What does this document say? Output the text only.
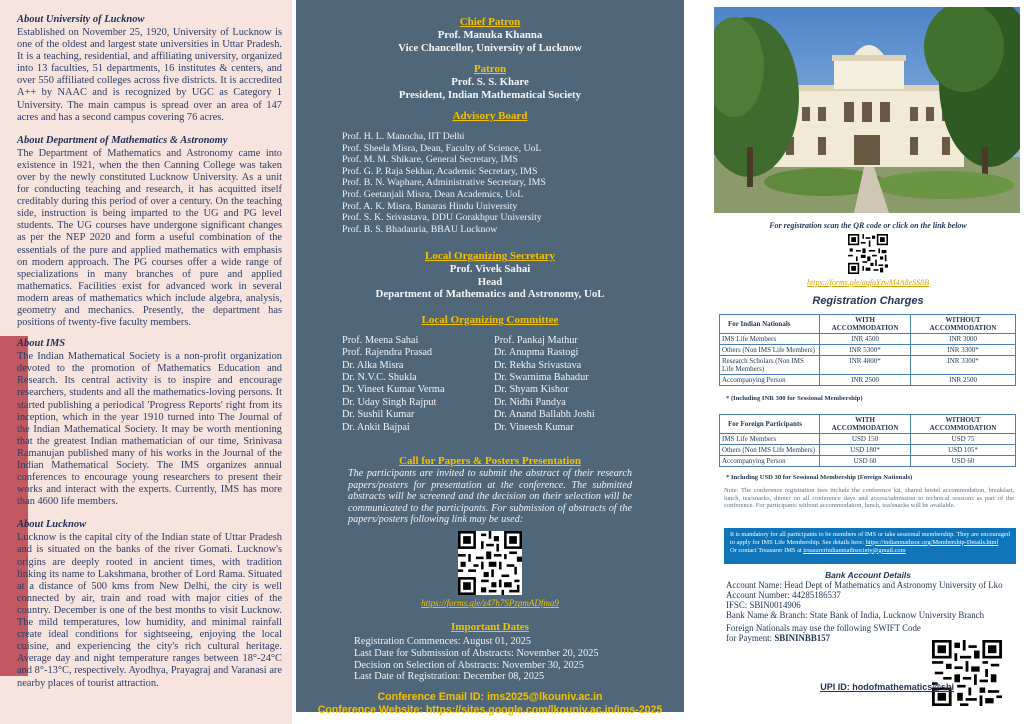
About University of Lucknow
Established on November 25, 1920, University of Lucknow is one of the oldest and largest state universities in Uttar Pradesh. It is a teaching, residential, and affiliating university, organized into 13 faculties, 51 departments, 16 institutes & centers, and over 550 affiliated colleges across five districts. It is accredited A++ by NAAC and is recognized by UGC as Category 1 University. The main campus is spread over an area of 147 acres and has a second campus covering 76 acres.
About Department of Mathematics & Astronomy
The Department of Mathematics and Astronomy came into existence in 1921, when the then Canning College was taken over by the newly constituted Lucknow University. As a unit for conducting teaching and research, it has acquitted itself creditably during this period of over a century. On the teaching side, instruction is being imparted to the UG and PG level students. The UG courses have undergone significant changes as per the NEP 2020 and form a useful combination of the essentials of the pure and applied mathematics with emphasis on modern approach. The PG courses offer a wide range of specializations in many branches of pure and applied mathematics. Facilities exist for advanced work in several modern areas of mathematics which include algebra, analysis, geometry and mechanics. Presently, the department has positions of twenty-five faculty members.
About IMS
The Indian Mathematical Society is a non-profit organization devoted to the promotion of Mathematics Education and Research. Its central activity is to inspire and encourage researchers, students and all the mathematics-loving persons. It started publishing a periodical 'Progress Reports' right from its inception, which in the year 1910 turned into The Journal of the Indian Mathematical Society. It may be worth mentioning that the greatest Indian mathematician of our time, Srinivasa Ramanujan published many of his works in the Journal of the Indian Mathematical Society. The IMS organizes annual conferences to encourage young researchers to present their works and interact with the experts. Currently, IMS has more than 4600 life members.
About Lucknow
Lucknow is the capital city of the Indian state of Uttar Pradesh and is situated on the banks of the river Gomati. Lucknow's origins are deeply rooted in ancient times, with tradition linking its name to Lakshmana, brother of Lord Rama. Situated at a distance of 500 kms from New Delhi, the city is well connected by air, train and road with major cities of the country. December is one of the best months to visit Lucknow. The mild temperatures, low humidity, and minimal rainfall create ideal conditions for sightseeing, enjoying the local cuisine, and experiencing the city's rich cultural heritage. Average day and night temperature ranges between 18°-24°C and 8°-13°C, respectively. Ayodhya, Prayagraj and Varanasi are nearby places of tourist attraction.
Chief Patron
Prof. Manuka Khanna
Vice Chancellor, University of Lucknow
Patron
Prof. S. S. Khare
President, Indian Mathematical Society
Advisory Board
Prof. H. L. Manocha, IIT Delhi
Prof. Sheela Misra, Dean, Faculty of Science, UoL
Prof. M. M. Shikare, General Secretary, IMS
Prof. G. P. Raja Sekhar, Academic Secretary, IMS
Prof. B. N. Waphare, Administrative Secretary, IMS
Prof. Geetanjali Misra, Dean Academics, UoL
Prof. A. K. Misra, Banaras Hindu University
Prof. S. K. Srivastava, DDU Gorakhpur University
Prof. B. S. Bhadauria, BBAU Lucknow
Local Organizing Secretary
Prof. Vivek Sahai
Head
Department of Mathematics and Astronomy, UoL
Local Organizing Committee
Prof. Meena Sahai
Prof. Rajendra Prasad
Dr. Alka Misra
Dr. N.V.C. Shukla
Dr. Vineet Kumar Verma
Dr. Uday Singh Rajput
Dr. Sushil Kumar
Dr. Ankit Bajpai
Prof. Pankaj Mathur
Dr. Anupma Rastogi
Dr. Rekha Srivastava
Dr. Swarnima Bahadur
Dr. Shyam Kishor
Dr. Nidhi Pandya
Dr. Anand Ballabh Joshi
Dr. Vineesh Kumar
Call for Papers & Posters Presentation
The participants are invited to submit the abstract of their research papers/posters for presentation at the conference. The submitted abstracts will be screened and the decision on their selection will be communicated to the participants. For submission of abstracts of the papers/posters following link may be used:
https://forms.gle/z47h7SPzpmADfma9
Important Dates
Registration Commences: August 01, 2025
Last Date for Submission of Abstracts: November 20, 2025
Decision on Selection of Abstracts: November 30, 2025
Last Date of Registration: December 08, 2025
Conference Email ID: ims2025@lkouniv.ac.in
Conference Website: https://sites.google.com/lkouniv.ac.in/ims-2025
For registration scan the QR code or click on the link below
https://forms.gle/aqfaYzwM4A8eSS8B
Registration Charges
For Indian Nationals	WITH ACCOMMODATION	WITHOUT ACCOMMODATION
IMS Life Members	INR 4500	INR 3000
Others (Non IMS Life Members)	INR 5300*	INR 3300*
Research Scholars (Non IMS Life Members)	INR 4800*	INR 3300*
Accompanying Person	INR 2500	INR 2500
* (Including INR 300 for Sessional Membership)
For Foreign Participants	WITH ACCOMMODATION	WITHOUT ACCOMMODATION
IMS Life Members	USD 150	USD 75
Others (Non IMS Life Members)	USD 180*	USD 105*
Accompanying Person	USD 60	USD 60
* Including USD 30 for Sessional Membership (Foreign Nationals)
Note: The conference registration fees include the conference kit, shared hostel accommodation, breakfast, lunch, tea/snacks, dinner on all conference days and access/admission to technical sessions as part of the conference. For participants without accommodation, lunch, tea/snacks will be available.
It is mandatory for all participants to be members of IMS or take sessional membership. They are encouraged to apply for IMS Life Membership. See details here: https://indianmathsoc.org/Membership-Details.html
Or contact Treasurer IMS at treasurerindianmathsociety@gmail.com
Bank Account Details
Account Name: Head Dept of Mathematics and Astronomy University of Lko
Account Number: 44285186537
IFSC: SBIN0014906
Bank Name & Branch: State Bank of India, Lucknow University Branch
Foreign Nationals may use the following SWIFT Code for Payment: SBININBB157
UPI ID: hodofmathematics@sbi
